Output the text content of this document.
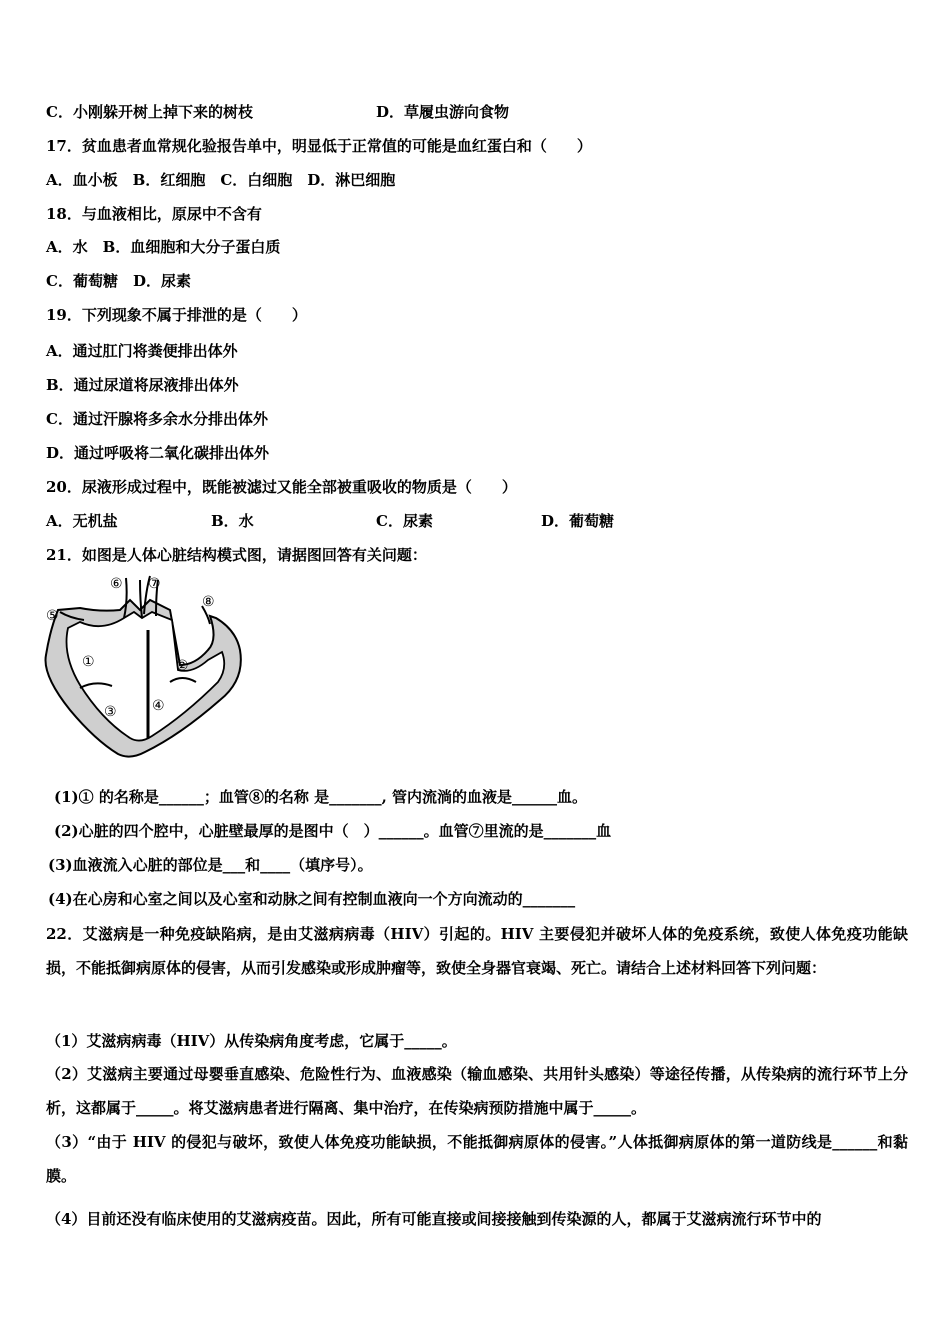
C．小刚躲开树上掉下来的树枝	D．草履虫游向食物
17．贫血患者血常规化验报告单中，明显低于正常值的可能是血红蛋白和（　　）
A．血小板　B．红细胞　C．白细胞　D．淋巴细胞
18．与血液相比，原尿中不含有
A．水　B．血细胞和大分子蛋白质
C．葡萄糖　D．尿素
19．下列现象不属于排泄的是（　　）
A．通过肛门将粪便排出体外
B．通过尿道将尿液排出体外
C．通过汗腺将多余水分排出体外
D．通过呼吸将二氧化碳排出体外
20．尿液形成过程中，既能被滤过又能全部被重吸收的物质是（　　）
A．无机盐	B．水	C．尿素	D．葡萄糖
21．如图是人体心脏结构模式图，请据图回答有关问题：
①	②
③	④
⑤
⑥ ⑦
⑧
(1)① 的名称是______；血管⑧的名称 是_______, 管内流淌的血液是______血。
(2)心脏的四个腔中，心脏壁最厚的是图中（　）______。血管⑦里流的是_______血
(3)血液流入心脏的部位是___和____（填序号）。
(4)在心房和心室之间以及心室和动脉之间有控制血液向一个方向流动的_______
22．艾滋病是一种免疫缺陷病，是由艾滋病病毒（HIV）引起的。HIV 主要侵犯并破坏人体的免疫系统，致使人体免疫功能缺损，不能抵御病原体的侵害，从而引发感染或形成肿瘤等，致使全身器官衰竭、死亡。请结合上述材料回答下列问题：
（1）艾滋病病毒（HIV）从传染病角度考虑，它属于_____。
（2）艾滋病主要通过母婴垂直感染、危险性行为、血液感染（输血感染、共用针头感染）等途径传播，从传染病的流行环节上分析，这都属于_____。将艾滋病患者进行隔离、集中治疗，在传染病预防措施中属于_____。
（3）“由于 HIV 的侵犯与破坏，致使人体免疫功能缺损，不能抵御病原体的侵害。”人体抵御病原体的第一道防线是______和黏膜。
（4）目前还没有临床使用的艾滋病疫苗。因此，所有可能直接或间接接触到传染源的人，都属于艾滋病流行环节中的
